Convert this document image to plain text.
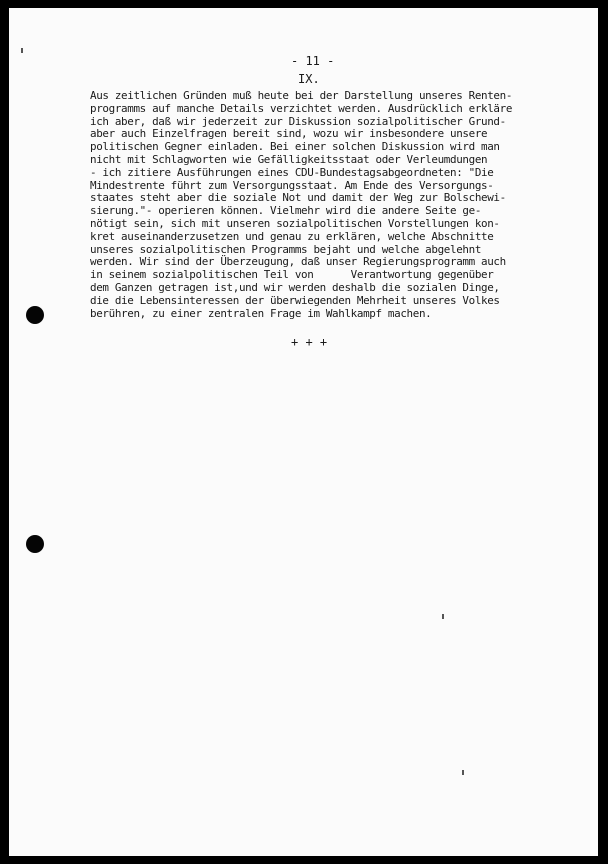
- 11 -
IX.
Aus zeitlichen Gründen muß heute bei der Darstellung unseres Renten-
programms auf manche Details verzichtet werden. Ausdrücklich erkläre
ich aber, daß wir jederzeit zur Diskussion sozialpolitischer Grund-
aber auch Einzelfragen bereit sind, wozu wir insbesondere unsere
politischen Gegner einladen. Bei einer solchen Diskussion wird man
nicht mit Schlagworten wie Gefälligkeitsstaat oder Verleumdungen
- ich zitiere Ausführungen eines CDU-Bundestagsabgeordneten: "Die
Mindestrente führt zum Versorgungsstaat. Am Ende des Versorgungs-
staates steht aber die soziale Not und damit der Weg zur Bolschewi-
sierung."- operieren können. Vielmehr wird die andere Seite ge-
nötigt sein, sich mit unseren sozialpolitischen Vorstellungen kon-
kret auseinanderzusetzen und genau zu erklären, welche Abschnitte
unseres sozialpolitischen Programms bejaht und welche abgelehnt
werden. Wir sind der Überzeugung, daß unser Regierungsprogramm auch
in seinem sozialpolitischen Teil von      Verantwortung gegenüber
dem Ganzen getragen ist,und wir werden deshalb die sozialen Dinge,
die die Lebensinteressen der überwiegenden Mehrheit unseres Volkes
berühren, zu einer zentralen Frage im Wahlkampf machen.
+ + +
